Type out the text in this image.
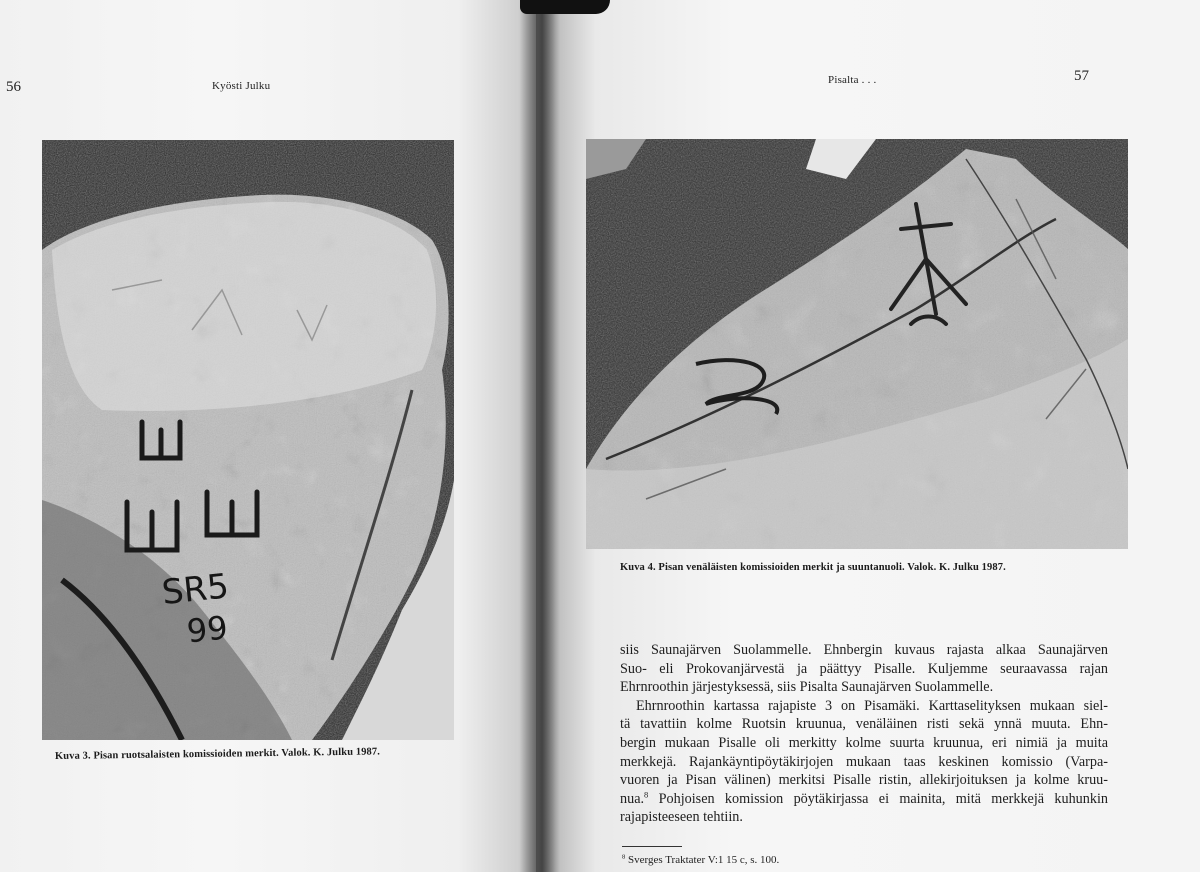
56	Kyösti Julku
SR5
99
Kuva 3. Pisan ruotsalaisten komissioiden merkit. Valok. K. Julku 1987.
Pisalta . . .	57
Kuva 4. Pisan venäläisten komissioiden merkit ja suuntanuoli. Valok. K. Julku 1987.
siis Saunajärven Suolammelle. Ehnbergin kuvaus rajasta alkaa Saunajärven
Suo- eli Prokovanjärvestä ja päättyy Pisalle. Kuljemme seuraavassa rajan
Ehrnroothin järjestyksessä, siis Pisalta Saunajärven Suolammelle.
Ehrnroothin kartassa rajapiste 3 on Pisamäki. Karttaselityksen mukaan siel-
tä tavattiin kolme Ruotsin kruunua, venäläinen risti sekä ynnä muuta. Ehn-
bergin mukaan Pisalle oli merkitty kolme suurta kruunua, eri nimiä ja muita
merkkejä. Rajankäyntipöytäkirjojen mukaan taas keskinen komissio (Varpa-
vuoren ja Pisan välinen) merkitsi Pisalle ristin, allekirjoituksen ja kolme kruu-
nua.$^8$ Pohjoisen komission pöytäkirjassa ei mainita, mitä merkkejä kuhunkin
rajapisteeseen tehtiin.
$^8$ Sverges Traktater V:1 15 c, s. 100.
